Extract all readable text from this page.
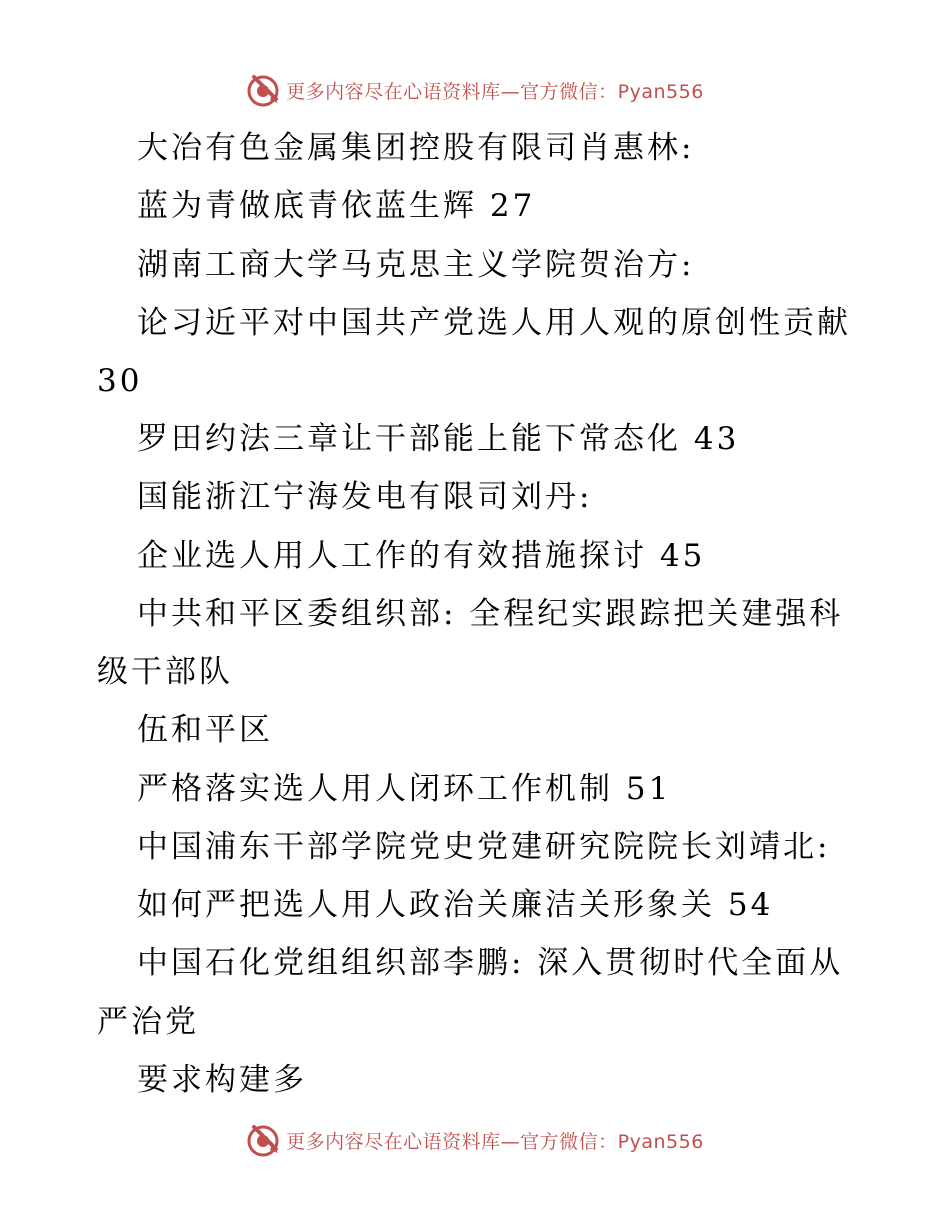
更多内容尽在心语资料库—官方微信：Pyan556
大冶有色金属集团控股有限司肖惠林:
蓝为青做底青依蓝生辉 27
湖南工商大学马克思主义学院贺治方:
论习近平对中国共产党选人用人观的原创性贡献
30
罗田约法三章让干部能上能下常态化 43
国能浙江宁海发电有限司刘丹:
企业选人用人工作的有效措施探讨 45
中共和平区委组织部: 全程纪实跟踪把关建强科
级干部队
伍和平区
严格落实选人用人闭环工作机制 51
中国浦东干部学院党史党建研究院院长刘靖北:
如何严把选人用人政治关廉洁关形象关 54
中国石化党组组织部李鹏: 深入贯彻时代全面从
严治党
要求构建多
更多内容尽在心语资料库—官方微信：Pyan556
